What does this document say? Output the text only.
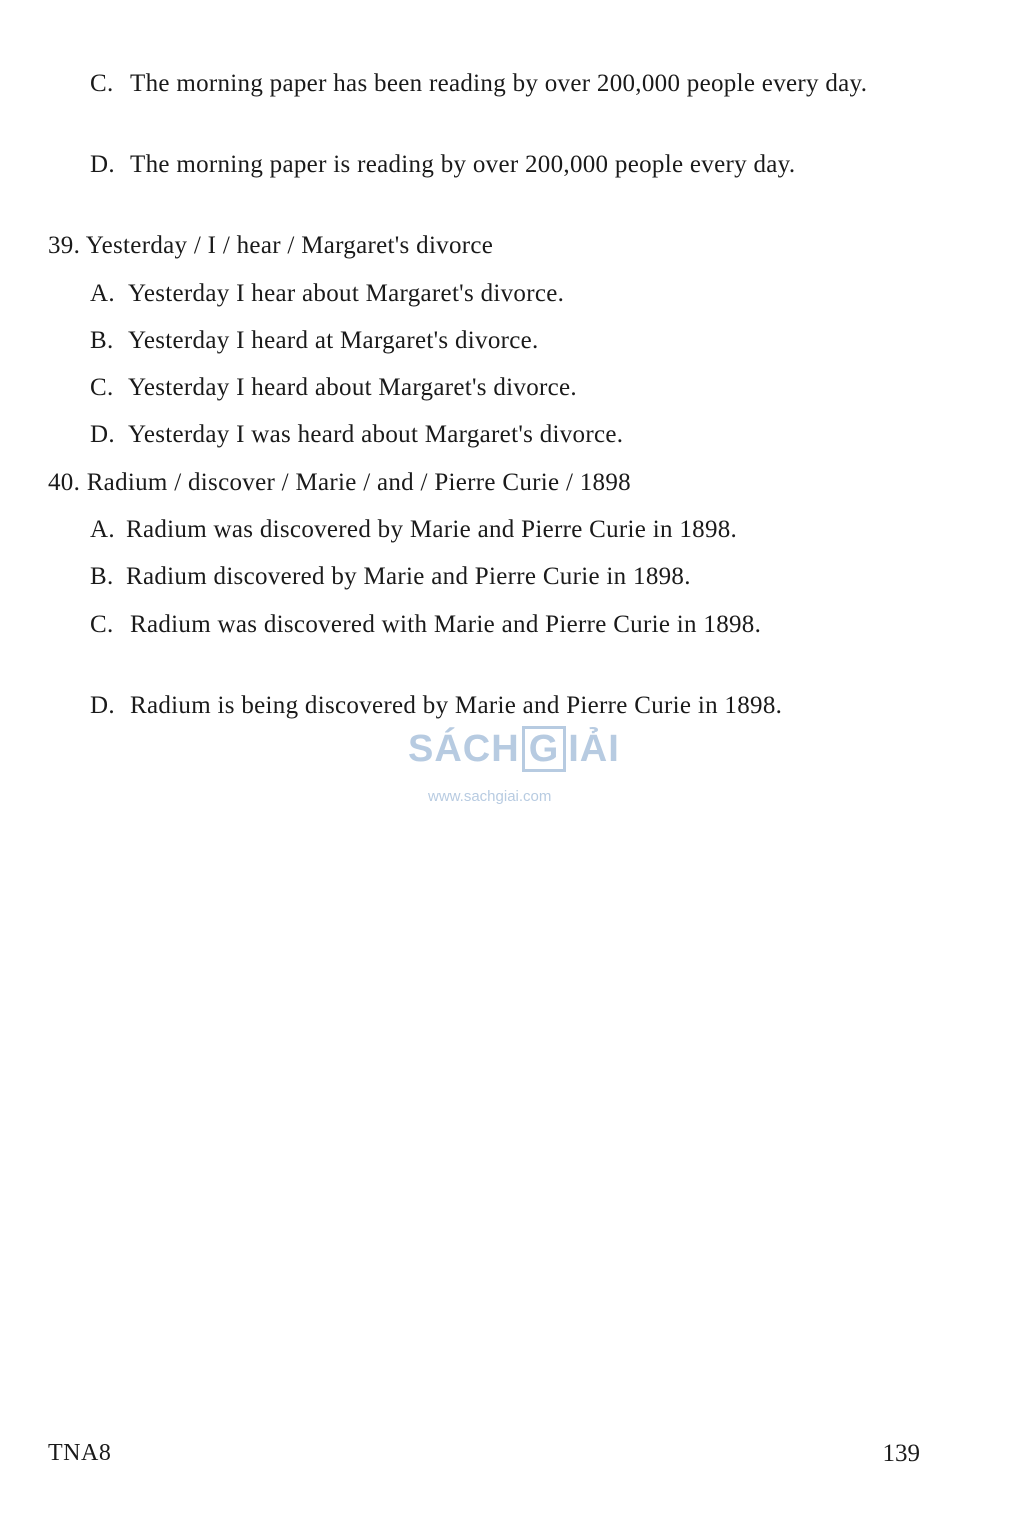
C. The morning paper has been reading by over 200,000 people every day.
D. The morning paper is reading by over 200,000 people every day.
39. Yesterday / I / hear / Margaret's divorce
A. Yesterday I hear about Margaret's divorce.
B. Yesterday I heard at Margaret's divorce.
C. Yesterday I heard about Margaret's divorce.
D. Yesterday I was heard about Margaret's divorce.
40. Radium / discover / Marie / and / Pierre Curie / 1898
A. Radium was discovered by Marie and Pierre Curie in 1898.
B. Radium discovered by Marie and Pierre Curie in 1898.
C. Radium was discovered with Marie and Pierre Curie in 1898.
D. Radium is being discovered by Marie and Pierre Curie in 1898.
SÁCH G IẢI
www.sachgiai.com
TNA8	139
